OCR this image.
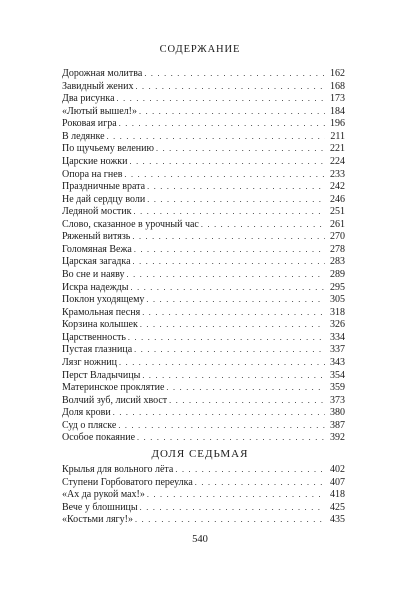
СОДЕРЖАНИЕ
Дорожная молитва . . .	162
Завидный жених . . .	168
Два рисунка . . .	173
«Лютый вышел!» . . .	184
Роковая игра . . .	196
В ледянке . . .	211
По щучьему велению . . .	221
Царские ножки . . .	224
Опора на гнев . . .	233
Праздничные врата . . .	242
Не дай сердцу воли . . .	246
Ледяной мостик . . .	251
Слово, сказанное в урочный час . . .	261
Ряженый витязь . . .	270
Голомяная Вежа . . .	278
Царская загадка . . .	283
Во сне и наяву . . .	289
Искра надежды . . .	295
Поклон уходящему . . .	305
Крамольная песня . . .	318
Корзина колышек . . .	326
Царственность . . .	334
Пустая глазница . . .	337
Лязг ножниц . . .	343
Перст Владычицы . . .	354
Материнское проклятие . . .	359
Волчий зуб, лисий хвост . . .	373
Доля крови . . .	380
Суд о пляске . . .	387
Особое покаяние . . .	392
ДОЛЯ СЕДЬМАЯ
Крылья для вольного лёта . . .	402
Ступени Горбоватого переулка . . .	407
«Ах да рукой мах!» . . .	418
Вече у блошницы . . .	425
«Костьми лягу!» . . .	435
540
